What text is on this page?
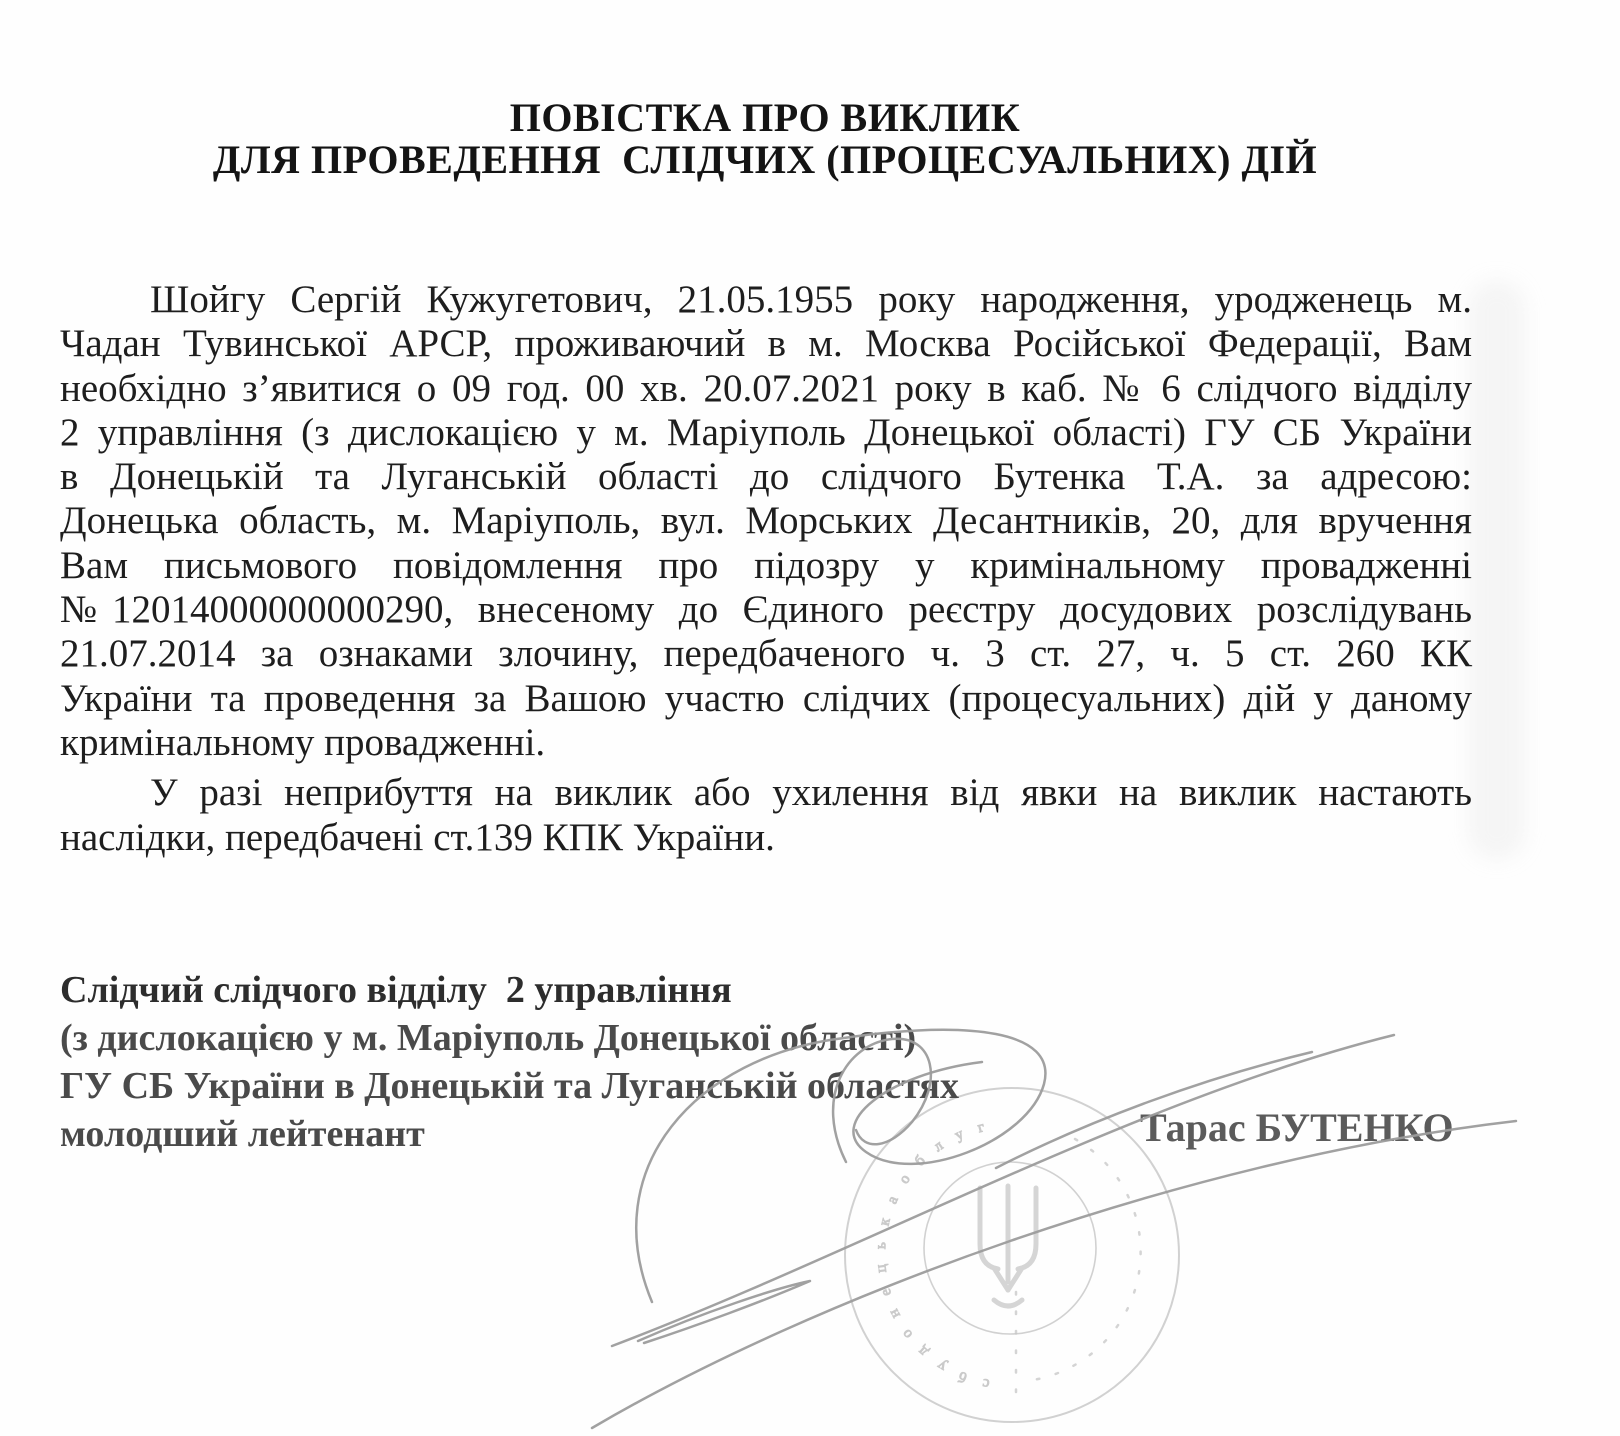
с
б
у
д
о
н
е
ц
ь
к
а
о
б
л
у г
ПОВІСТКА ПРО ВИКЛИК
ДЛЯ ПРОВЕДЕННЯ  СЛІДЧИХ (ПРОЦЕСУАЛЬНИХ) ДІЙ
Шойгу Сергій Кужугетович, 21.05.1955 року народження, уродженець м.
Чадан Тувинської АРСР, проживаючий в м. Москва Російської Федерації, Вам
необхідно з’явитися о 09 год. 00 хв. 20.07.2021 року в каб. № 6 слідчого відділу
2 управління (з дислокацією у м. Маріуполь Донецької області) ГУ СБ України
в Донецькій та Луганській області до слідчого Бутенка Т.А. за адресою:
Донецька область, м. Маріуполь, вул. Морських Десантників, 20, для вручення
Вам письмового повідомлення про підозру у кримінальному провадженні
№12014000000000290, внесеному до Єдиного реєстру досудових розслідувань
21.07.2014 за ознаками злочину, передбаченого ч. 3 ст. 27, ч. 5 ст. 260 КК
України та проведення за Вашою участю слідчих (процесуальних) дій у даному
кримінальному провадженні.
У разі неприбуття на виклик або ухилення від явки на виклик настають
наслідки, передбачені ст.139 КПК України.
Слідчий слідчого відділу  2 управління
(з дислокацією у м. Маріуполь Донецької області)
ГУ СБ України в Донецькій та Луганській областях
молодший лейтенант	Тарас БУТЕНКО
